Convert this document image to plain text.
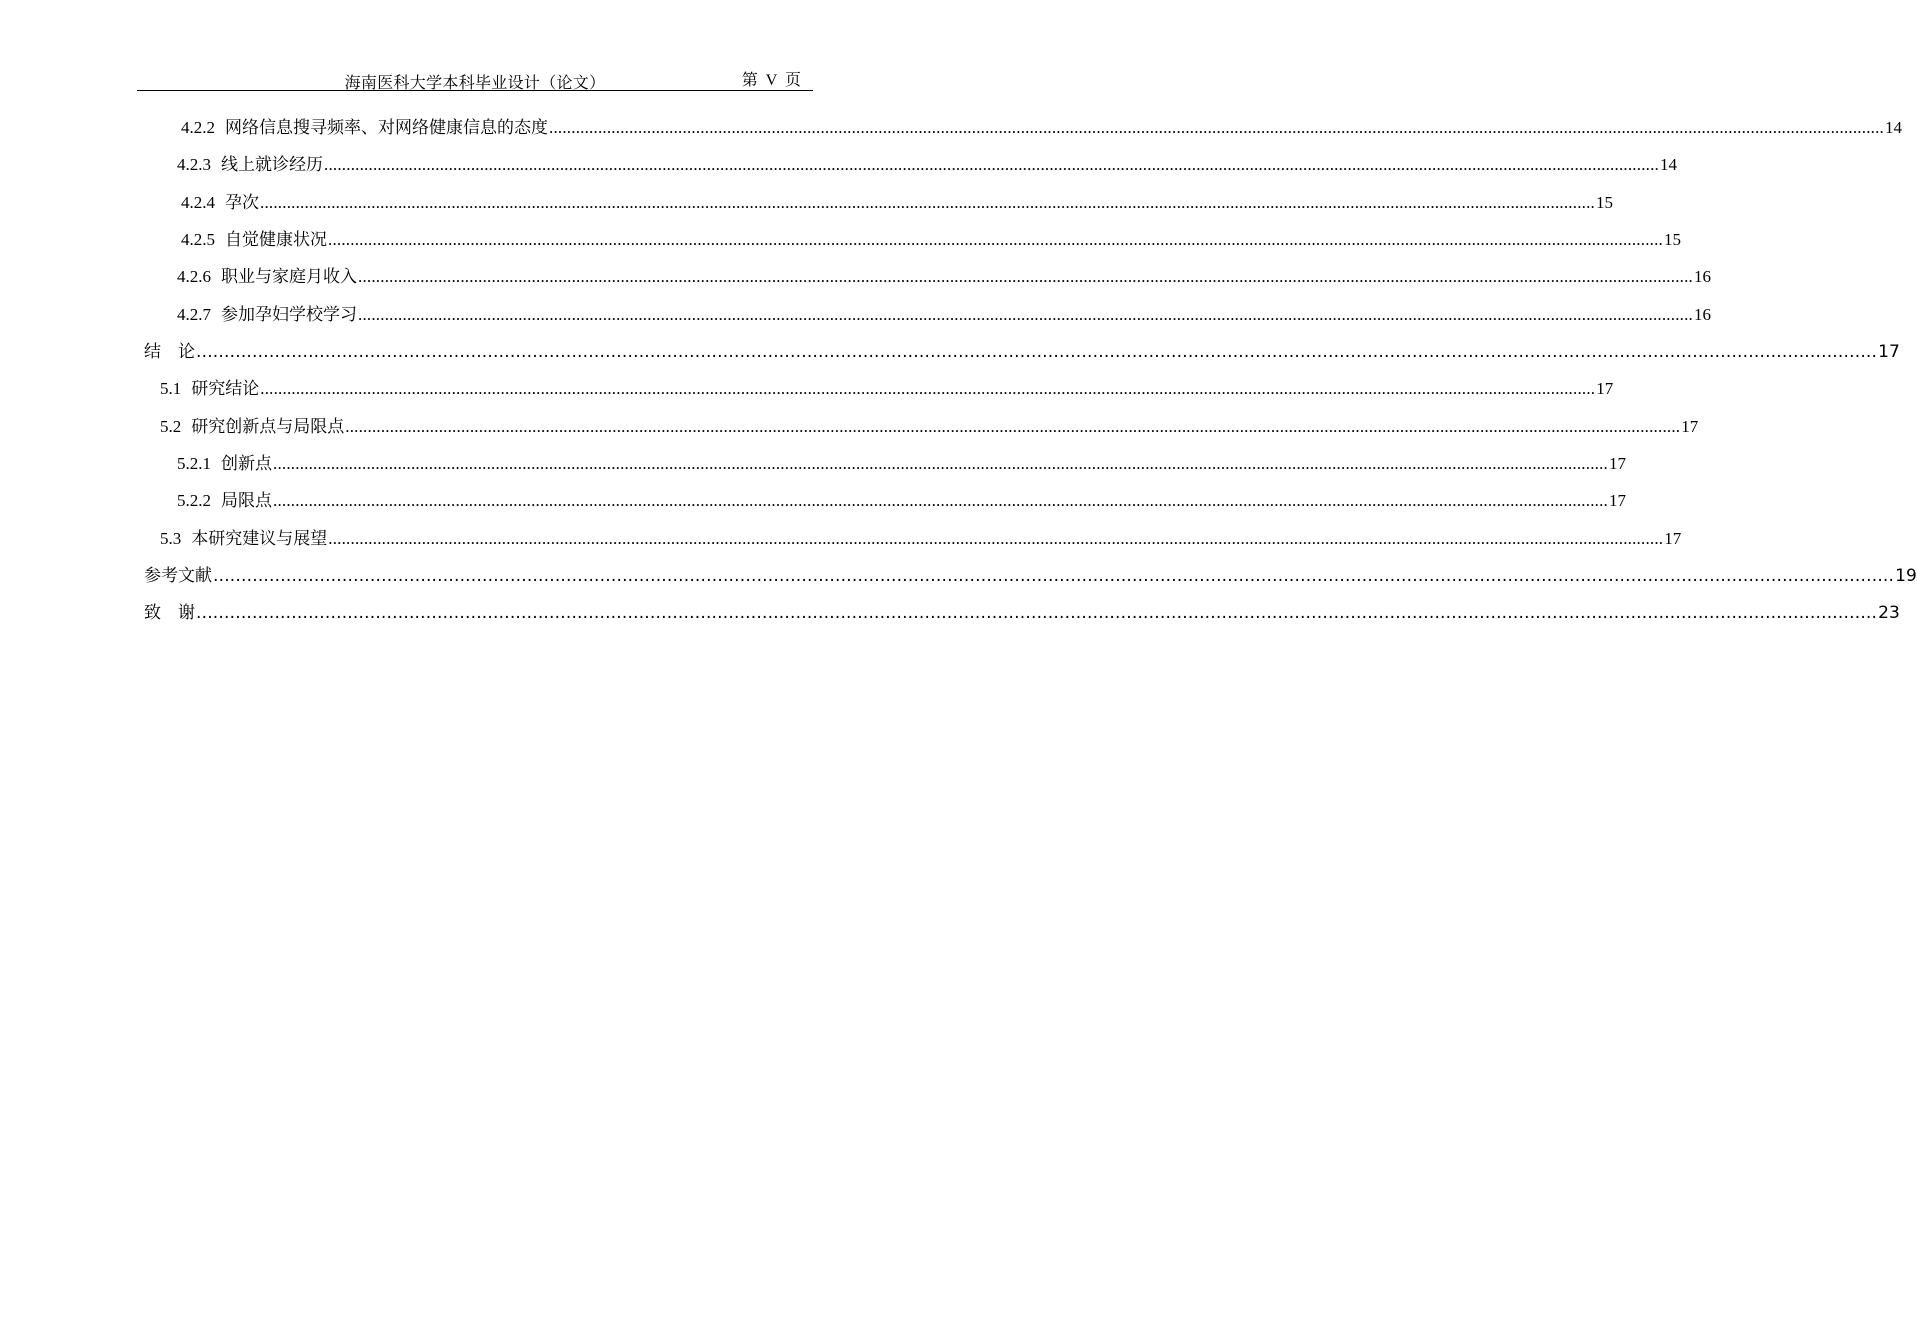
海南医科大学本科毕业设计（论文）	第 V 页
4.2.2 网络信息搜寻频率、对网络健康信息的态度 ............................................................................................................................................................................................................................................................................................................ 14
4.2.3 线上就诊经历 ............................................................................................................................................................................................................................................................................................................ 14
4.2.4 孕次 ............................................................................................................................................................................................................................................................................................................ 15
4.2.5 自觉健康状况 ............................................................................................................................................................................................................................................................................................................ 15
4.2.6 职业与家庭月收入 ............................................................................................................................................................................................................................................................................................................ 16
4.2.7 参加孕妇学校学习 ............................................................................................................................................................................................................................................................................................................ 16
结　论 ............................................................................................................................................................................................................................................................................................................ 17
5.1 研究结论 ............................................................................................................................................................................................................................................................................................................ 17
5.2 研究创新点与局限点 ............................................................................................................................................................................................................................................................................................................ 17
5.2.1 创新点 ............................................................................................................................................................................................................................................................................................................ 17
5.2.2 局限点 ............................................................................................................................................................................................................................................................................................................ 17
5.3 本研究建议与展望 ............................................................................................................................................................................................................................................................................................................ 17
参考文献 ............................................................................................................................................................................................................................................................................................................ 19
致　谢 ............................................................................................................................................................................................................................................................................................................ 23
